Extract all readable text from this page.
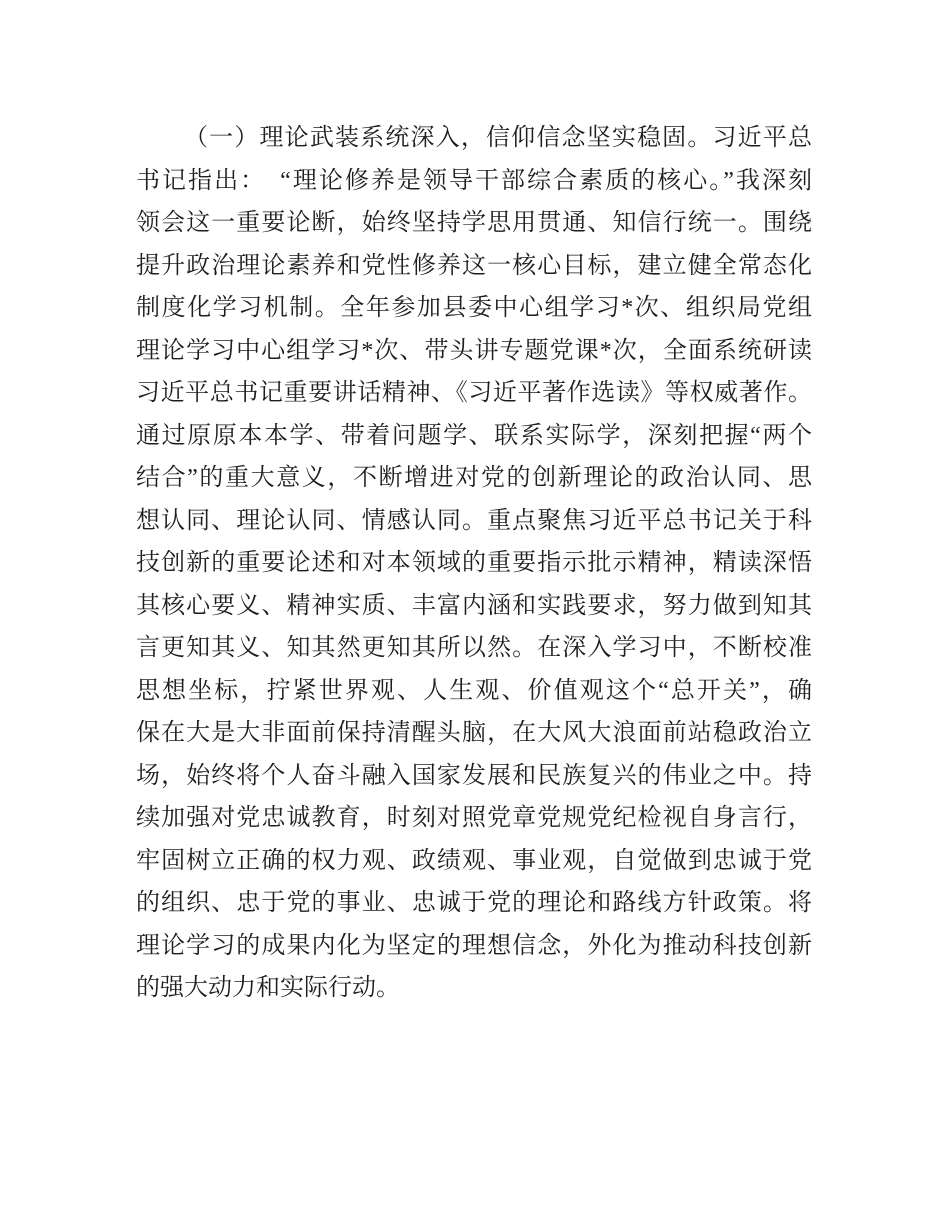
（一）理论武装系统深入，信仰信念坚实稳固。习近平总
书记指出：　“理论修养是领导干部综合素质的核心。”我深刻
领会这一重要论断，始终坚持学思用贯通、知信行统一。围绕
提升政治理论素养和党性修养这一核心目标，建立健全常态化
制度化学习机制。全年参加县委中心组学习*次、组织局党组
理论学习中心组学习*次、带头讲专题党课*次，全面系统研读
习近平总书记重要讲话精神、《习近平著作选读》等权威著作。
通过原原本本学、带着问题学、联系实际学，深刻把握“两个
结合”的重大意义，不断增进对党的创新理论的政治认同、思
想认同、理论认同、情感认同。重点聚焦习近平总书记关于科
技创新的重要论述和对本领域的重要指示批示精神，精读深悟
其核心要义、精神实质、丰富内涵和实践要求，努力做到知其
言更知其义、知其然更知其所以然。在深入学习中，不断校准
思想坐标，拧紧世界观、人生观、价值观这个“总开关”，确
保在大是大非面前保持清醒头脑，在大风大浪面前站稳政治立
场，始终将个人奋斗融入国家发展和民族复兴的伟业之中。持
续加强对党忠诚教育，时刻对照党章党规党纪检视自身言行，
牢固树立正确的权力观、政绩观、事业观，自觉做到忠诚于党
的组织、忠于党的事业、忠诚于党的理论和路线方针政策。将
理论学习的成果内化为坚定的理想信念，外化为推动科技创新
的强大动力和实际行动。
